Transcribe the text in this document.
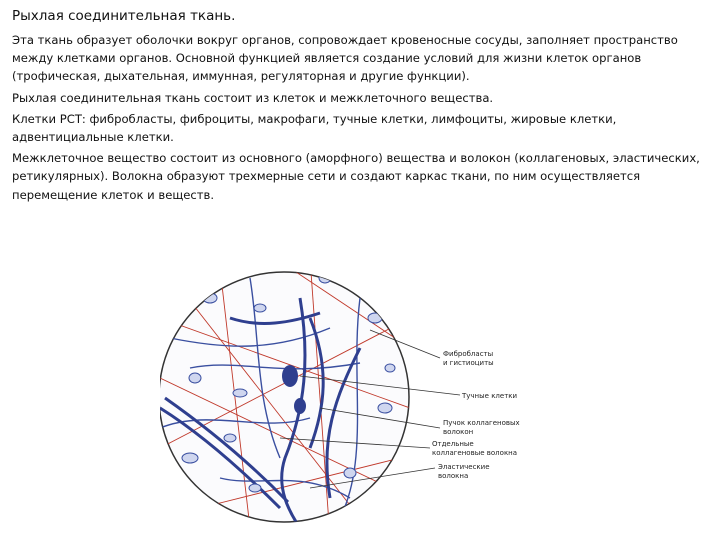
Рыхлая соединительная ткань.

Эта ткань образует оболочки вокруг органов, сопровождает кровеносные сосуды, заполняет пространство между клетками органов. Основной функцией является создание условий для жизни клеток органов (трофическая, дыхательная, иммунная, регуляторная и другие функции).

Рыхлая соединительная ткань состоит из клеток и межклеточного вещества.

Клетки РСТ: фибробласты, фиброциты, макрофаги, тучные клетки, лимфоциты, жировые клетки, адвентициальные клетки.

Межклеточное вещество состоит из основного (аморфного) вещества и волокон (коллагеновых, эластических, ретикулярных). Волокна образуют трехмерные сети и создают каркас ткани, по ним осуществляется перемещение клеток и веществ.

Фибробласты
и гистиоциты
Тучные клетки
Пучок коллагеновых
волокон
Отдельные
коллагеновые волокна
Эластические
волокна
